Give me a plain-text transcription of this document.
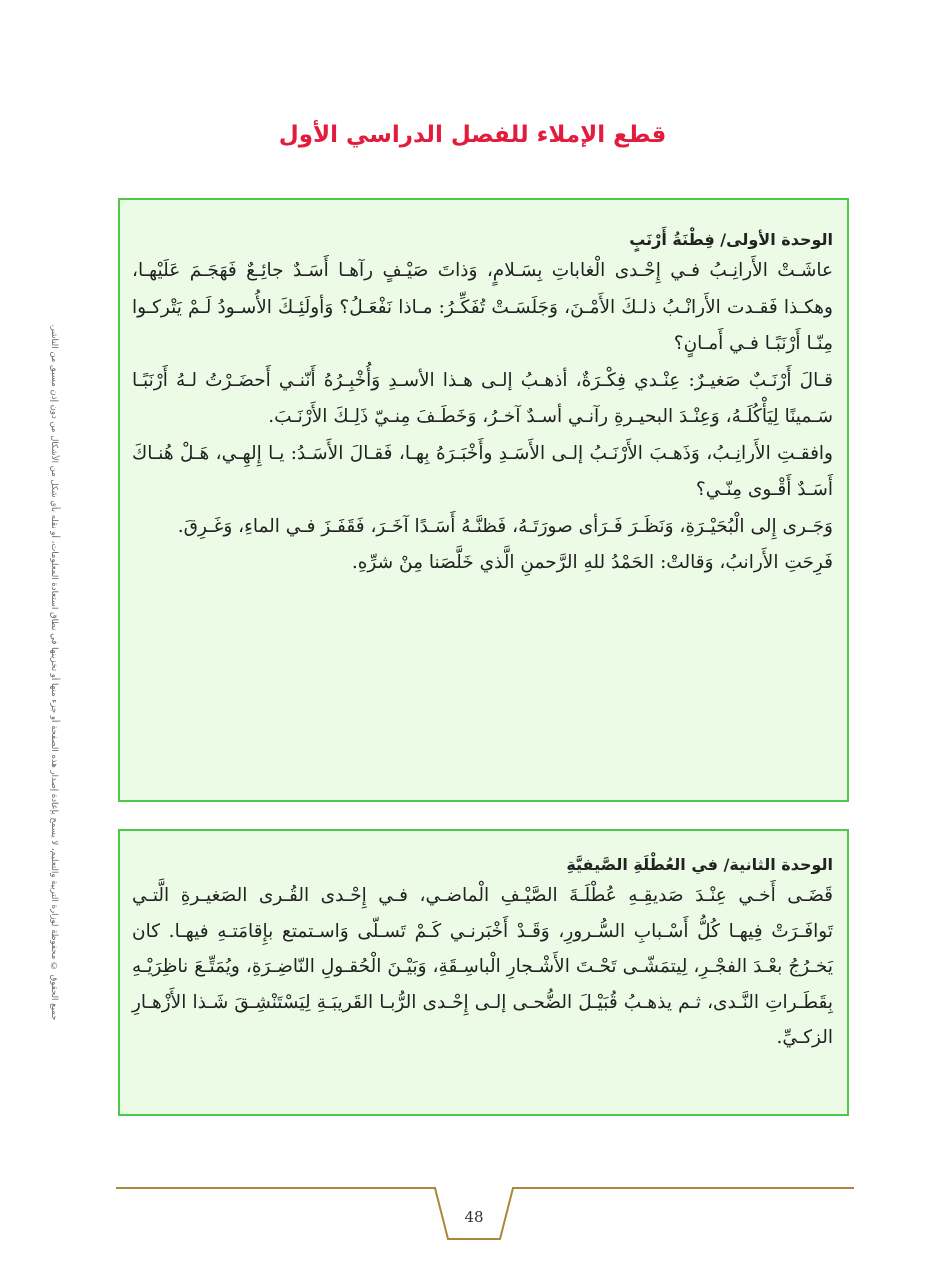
قطع الإملاء للفصل الدراسي الأول
جميع الحقوق © محفوظة لوزارة التربية والتعليم، لا يسمح بإعادة إصدار هذه الصفحة أو جزء منها أو تخزينها في نطاق استعادة المعلومات، أو نقله بأي شكل من الأشكال من دون إذن مسبق من الناشر.
الوحدة الأولى/ فِطْنَةُ أَرْنَبٍ

عاشَـتْ الأَرانِـبُ فـي إِحْـدى الْغاباتِ بِسَـلامٍ، وَذاتَ صَيْـفٍ رآهـا أَسَـدٌ جائِـعٌ فَهَجَـمَ عَلَيْهـا، وهكـذا فَقـدت الأَرانْـبُ ذلـكَ الأَمْـنَ، وَجَلَسَـتْ تُفَكِّـرُ: مـاذا نَفْعَـلُ؟ وَأولَئِـكَ الأُسـودُ لَـمْ يَتْركـوا مِنّـا أَرْنَبًـا فـي أَمـانٍ؟

قـالَ أَرْنَـبٌ صَغيـرٌ: عِنْـدي فِكْـرَةٌ، أذهـبُ إلـى هـذا الأسـدِ وَأُخْبِـرُهُ أَنّنـي أَحضَـرْتُ لـهُ أَرْنَبًـا سَـمينًا لِيَأْكُلَـهُ، وَعِنْـدَ البحيـرةِ رآنـي أسـدٌ آخـرُ، وَخَطَـفَ مِنـيّ ذَلِـكَ الأَرْنَـبَ.

وافقـتِ الأَرانِـبُ، وَذَهـبَ الأَرْنَـبُ إلـى الأَسَـدِ وأَخْبَـرَهُ بِهـا، فَقـالَ الأَسَـدُ: يـا إِلهِـي، هَـلْ هُنـاكَ أَسَـدٌ أَقْـوى مِنّـي؟

وَجَـرى إِلى الْبُحَيْـرَةِ، وَنَظَـرَ فَـرَأى صورَتَـهُ، فَظنَّـهُ أَسَـدًا آخَـرَ، فَقَفَـزَ فـي الماءِ، وَغَـرِقَ.

فَرِحَتِ الأَرانبُ، وَقالتْ: الحَمْدُ للهِ الرَّحمنِ الَّذي خَلَّصَنا مِنْ شرِّهِ.

الوحدة الثانية/ في العُطْلَةِ الصَّيفيَّةِ

قَضَـى أَخـي عِنْـدَ صَديقِـهِ عُطْلَـةَ الصَّيْـفِ الْماضـي، فـي إِحْـدى القُـرى الصَغيـرةِ الَّتـي تَوافَـرَتْ فِيهـا كُلُّ أَسْـبابِ السُّـرورِ، وَقَـدْ أَخْبَرنـي كَـمْ تَسـلّى وَاسـتمتع بإِقامَتـهِ فيهـا. كان يَخـرُجُ بعْـدَ الفجْـرِ، لِيتمَشّـى تَحْـتَ الأَشْـجارِ الْباسِـقَةِ، وَبَيْـنَ الْحُقـولِ النّاضِـرَةِ، ويُمَتِّـعَ ناظِرَيْـهِ بِقَطَـراتِ النَّـدى، ثـم يذهـبُ قُبَيْـلَ الضُّحـى إلـى إِحْـدى الرُّبـا القَريبَـةِ لِيَسْتَنْشِـقَ شَـذا الأَزْهـارِ الزكـيِّ.

48
